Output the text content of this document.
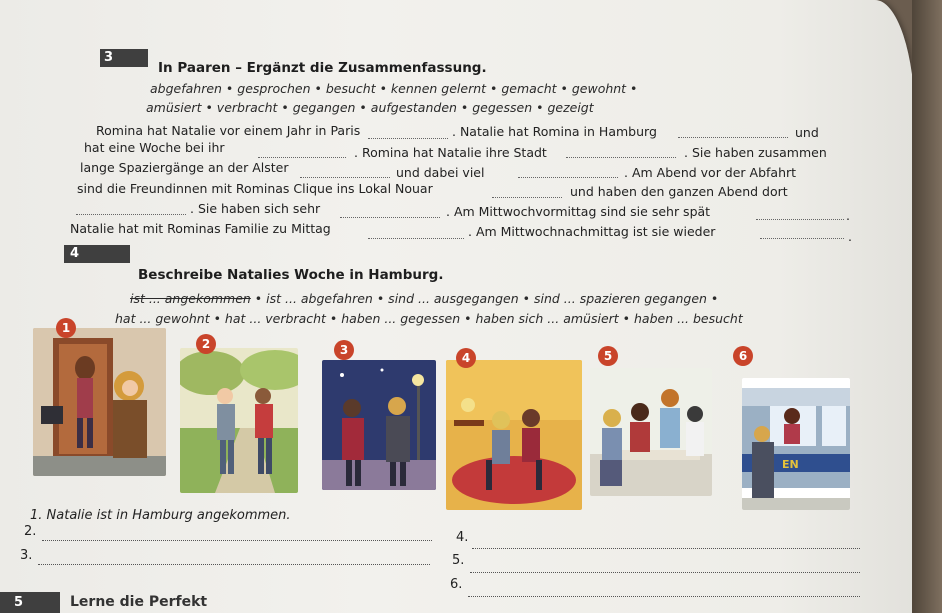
3
In Paaren – Ergänzt die Zusammenfassung.
abgefahren • gesprochen • besucht • kennen gelernt • gemacht • gewohnt •
amüsiert • verbracht • gegangen • aufgestanden • gegessen • gezeigt
Romina hat Natalie vor einem Jahr in Paris	. Natalie hat Romina in Hamburg	und
hat eine Woche bei ihr	. Romina hat Natalie ihre Stadt	. Sie haben zusammen
lange Spaziergänge an der Alster	und dabei viel	. Am Abend vor der Abfahrt
sind die Freundinnen mit Rominas Clique ins Lokal Nouar	und haben den ganzen Abend dort
. Sie haben sich sehr	. Am Mittwochvormittag sind sie sehr spät	.
Natalie hat mit Rominas Familie zu Mittag	. Am Mittwochnachmittag ist sie wieder	.
4
Beschreibe Natalies Woche in Hamburg.
ist ... angekommen • ist ... abgefahren • sind ... ausgegangen • sind ... spazieren gegangen •
hat ... gewohnt • hat ... verbracht • haben ... gegessen • haben sich ... amüsiert • haben ... besucht
1
2	3
4	5
EN
6
1. Natalie ist in Hamburg angekommen.
2.
3.
4.
5.
6.
5	Lerne die Perfekt
